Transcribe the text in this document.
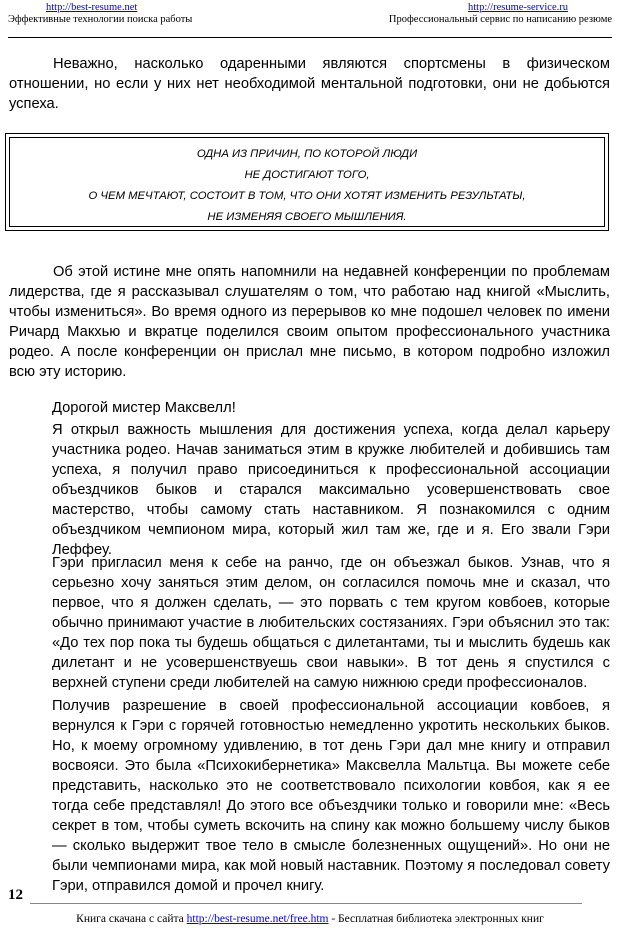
http://best-resume.net	http://resume-service.ru
Эффективные технологии поиска работы	Профессиональный сервис по написанию резюме

Неважно, насколько одаренными являются спортсмены в физическом отношении, но если у них нет необходимой ментальной подготовки, они не добьются успеха.

ОДНА ИЗ ПРИЧИН, ПО КОТОРОЙ ЛЮДИ
НЕ ДОСТИГАЮТ ТОГО,
О ЧЕМ МЕЧТАЮТ, СОСТОИТ В ТОМ, ЧТО ОНИ ХОТЯТ ИЗМЕНИТЬ РЕЗУЛЬТАТЫ,
НЕ ИЗМЕНЯЯ СВОЕГО МЫШЛЕНИЯ.

Об этой истине мне опять напомнили на недавней конференции по проблемам лидерства, где я рассказывал слушателям о том, что работаю над книгой «Мыслить, чтобы измениться». Во время одного из перерывов ко мне подошел человек по имени Ричард Макхью и вкратце поделился своим опытом профессионального участника родео. А после конференции он прислал мне письмо, в котором подробно изложил всю эту историю.

Дорогой мистер Максвелл!

Я открыл важность мышления для достижения успеха, когда делал карьеру участника родео. Начав заниматься этим в кружке любителей и добившись там успеха, я получил право присоединиться к профессиональной ассоциации объездчиков быков и старался максимально усовершенствовать свое мастерство, чтобы самому стать наставником. Я познакомился с одним объездчиком чемпионом мира, который жил там же, где и я. Его звали Гэри Леффеу.

Гэри пригласил меня к себе на ранчо, где он объезжал быков. Узнав, что я серьезно хочу заняться этим делом, он согласился помочь мне и сказал, что первое, что я должен сделать, — это порвать с тем кругом ковбоев, которые обычно принимают участие в любительских состязаниях. Гэри объяснил это так: «До тех пор пока ты будешь общаться с дилетантами, ты и мыслить будешь как дилетант и не усовершенствуешь свои навыки». В тот день я спустился с верхней ступени среди любителей на самую нижнюю среди профессионалов.

Получив разрешение в своей профессиональной ассоциации ковбоев, я вернулся к Гэри с горячей готовностью немедленно укротить нескольких быков. Но, к моему огромному удивлению, в тот день Гэри дал мне книгу и отправил восвояси. Это была «Психокибернетика» Максвелла Мальтца. Вы можете себе представить, насколько это не соответствовало психологии ковбоя, как я ее тогда себе представлял! До этого все объездчики только и говорили мне: «Весь секрет в том, чтобы суметь вскочить на спину как можно большему числу быков — сколько выдержит твое тело в смысле болезненных ощущений». Но они не были чемпионами мира, как мой новый наставник. Поэтому я последовал совету Гэри, отправился домой и прочел книгу.

12
Книга скачана с сайта http://best-resume.net/free.htm - Бесплатная библиотека электронных книг
